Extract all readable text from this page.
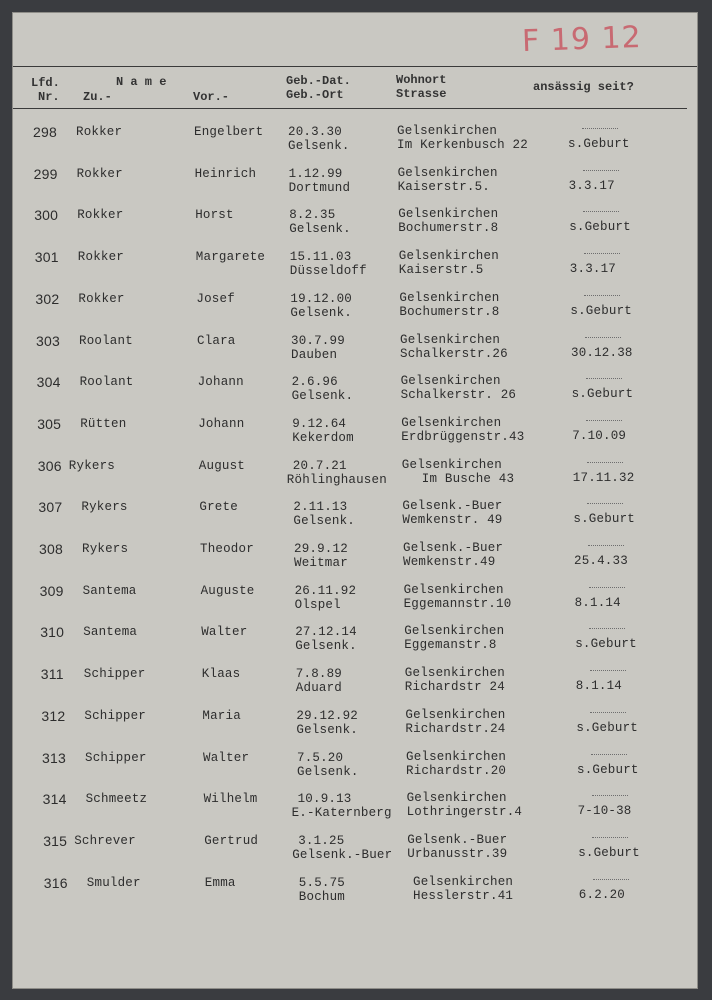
F 19 12
Lfd.
Nr.
N a m e
Zu.-	Vor.-
Geb.-Dat.
Geb.-Ort
Wohnort
Strasse	ansässig seit?
298 Rokker	Engelbert 20.3.30
Gelsenk.
Gelsenkirchen
Im Kerkenbusch 22	s.Geburt
299 Rokker	Heinrich	1.12.99
Dortmund
Gelsenkirchen
Kaiserstr.5.	3.3.17
300 Rokker	Horst	8.2.35
Gelsenk.
Gelsenkirchen
Bochumerstr.8	s.Geburt
301 Rokker	Margarete 15.11.03
Düsseldoff
Gelsenkirchen
Kaiserstr.5	3.3.17
302 Rokker	Josef	19.12.00
Gelsenk.
Gelsenkirchen
Bochumerstr.8	s.Geburt
303 Roolant	Clara	30.7.99
Dauben
Gelsenkirchen
Schalkerstr.26	30.12.38
304 Roolant	Johann	2.6.96
Gelsenk.
Gelsenkirchen
Schalkerstr. 26	s.Geburt
305 Rütten	Johann	9.12.64
Kekerdom
Gelsenkirchen
Erdbrüggenstr.43	7.10.09
306 Rykers	August	20.7.21
Röhlinghausen
Gelsenkirchen
Im Busche 43	17.11.32
307 Rykers	Grete	2.11.13
Gelsenk.
Gelsenk.-Buer
Wemkenstr. 49	s.Geburt
308 Rykers	Theodor	29.9.12
Weitmar
Gelsenk.-Buer
Wemkenstr.49	25.4.33
309 Santema	Auguste	26.11.92
Olspel
Gelsenkirchen
Eggemannstr.10	8.1.14
310 Santema	Walter	27.12.14
Gelsenk.
Gelsenkirchen
Eggemanstr.8	s.Geburt
311 Schipper	Klaas	7.8.89
Aduard
Gelsenkirchen
Richardstr 24	8.1.14
312 Schipper	Maria	29.12.92
Gelsenk.
Gelsenkirchen
Richardstr.24	s.Geburt
313 Schipper	Walter	7.5.20
Gelsenk.
Gelsenkirchen
Richardstr.20	s.Geburt
314 Schmeetz	Wilhelm	10.9.13
E.-Katernberg
Gelsenkirchen
Lothringerstr.4	7-10-38
315 Schrever	Gertrud	3.1.25
Gelsenk.-Buer
Gelsenk.-Buer
Urbanusstr.39	s.Geburt
316 Smulder	Emma	5.5.75
Bochum
Gelsenkirchen
Hesslerstr.41	6.2.20
